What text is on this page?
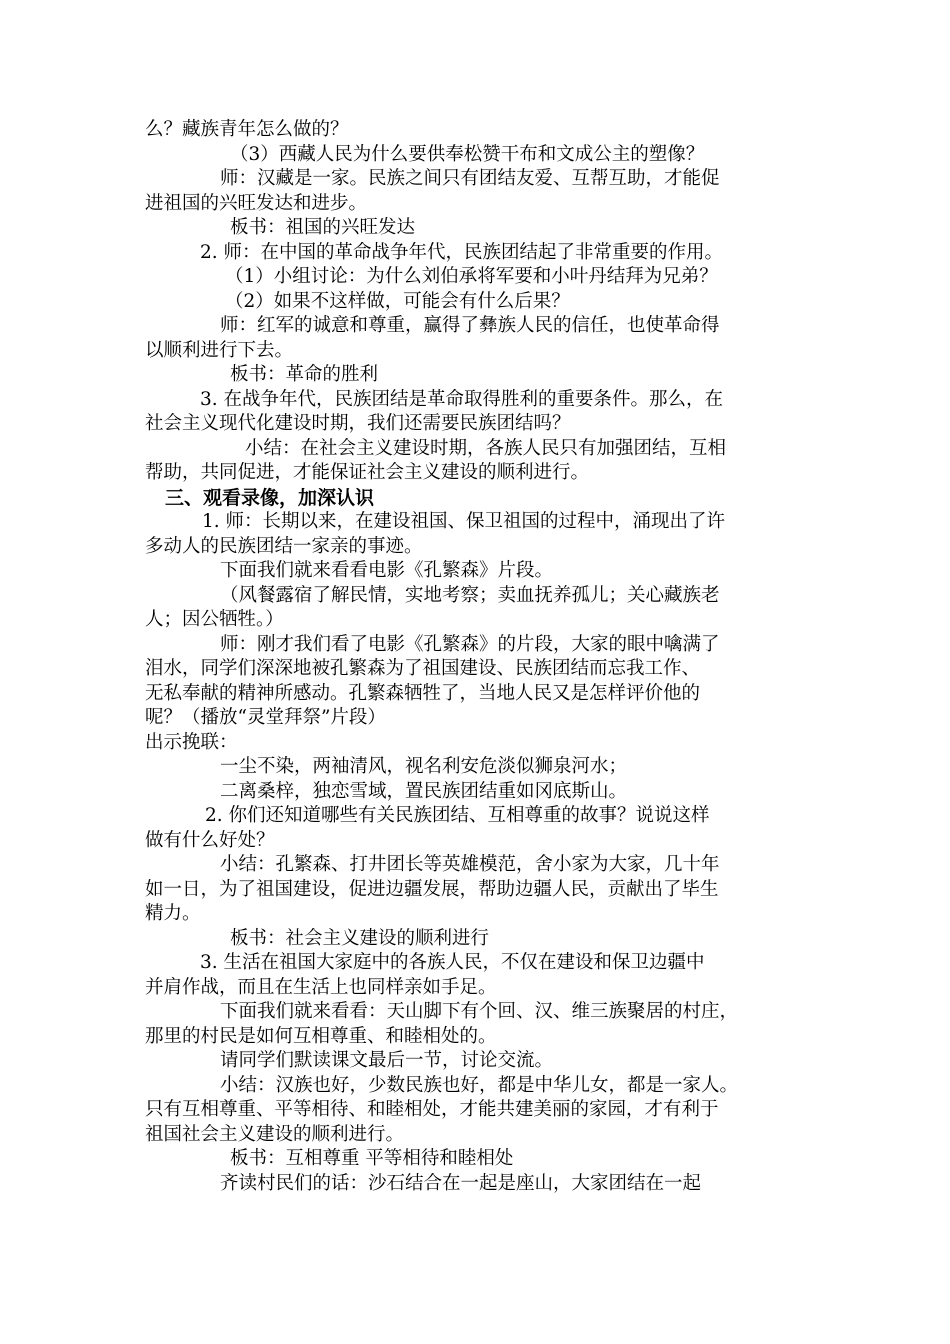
么？藏族青年怎么做的？

（3）西藏人民为什么要供奉松赞干布和文成公主的塑像？

师：汉藏是一家。民族之间只有团结友爱、互帮互助，才能促

进祖国的兴旺发达和进步。

板书：祖国的兴旺发达

2. 师：在中国的革命战争年代，民族团结起了非常重要的作用。

（1）小组讨论：为什么刘伯承将军要和小叶丹结拜为兄弟？

（2）如果不这样做，可能会有什么后果？

师：红军的诚意和尊重，赢得了彝族人民的信任，也使革命得

以顺利进行下去。

板书：革命的胜利

3. 在战争年代，民族团结是革命取得胜利的重要条件。那么，在

社会主义现代化建设时期，我们还需要民族团结吗？

小结：在社会主义建设时期，各族人民只有加强团结，互相

帮助，共同促进，才能保证社会主义建设的顺利进行。

三、观看录像，加深认识

1. 师：长期以来，在建设祖国、保卫祖国的过程中，涌现出了许

多动人的民族团结一家亲的事迹。

下面我们就来看看电影《孔繁森》片段。

（风餐露宿了解民情，实地考察；卖血抚养孤儿；关心藏族老

人；因公牺牲。）

师：刚才我们看了电影《孔繁森》的片段，大家的眼中噙满了

泪水，同学们深深地被孔繁森为了祖国建设、民族团结而忘我工作、

无私奉献的精神所感动。孔繁森牺牲了，当地人民又是怎样评价他的

呢？（播放“灵堂拜祭”片段）

出示挽联：

一尘不染，两袖清风，视名利安危淡似狮泉河水；

二离桑梓，独恋雪域，置民族团结重如冈底斯山。

2. 你们还知道哪些有关民族团结、互相尊重的故事？说说这样

做有什么好处？

小结：孔繁森、打井团长等英雄模范，舍小家为大家，几十年

如一日，为了祖国建设，促进边疆发展，帮助边疆人民，贡献出了毕生

精力。

板书：社会主义建设的顺利进行

3. 生活在祖国大家庭中的各族人民，不仅在建设和保卫边疆中

并肩作战，而且在生活上也同样亲如手足。

下面我们就来看看：天山脚下有个回、汉、维三族聚居的村庄，

那里的村民是如何互相尊重、和睦相处的。

请同学们默读课文最后一节，讨论交流。

小结：汉族也好，少数民族也好，都是中华儿女，都是一家人。

只有互相尊重、平等相待、和睦相处，才能共建美丽的家园，才有利于

祖国社会主义建设的顺利进行。

板书：互相尊重 平等相待和睦相处

齐读村民们的话：沙石结合在一起是座山，大家团结在一起
